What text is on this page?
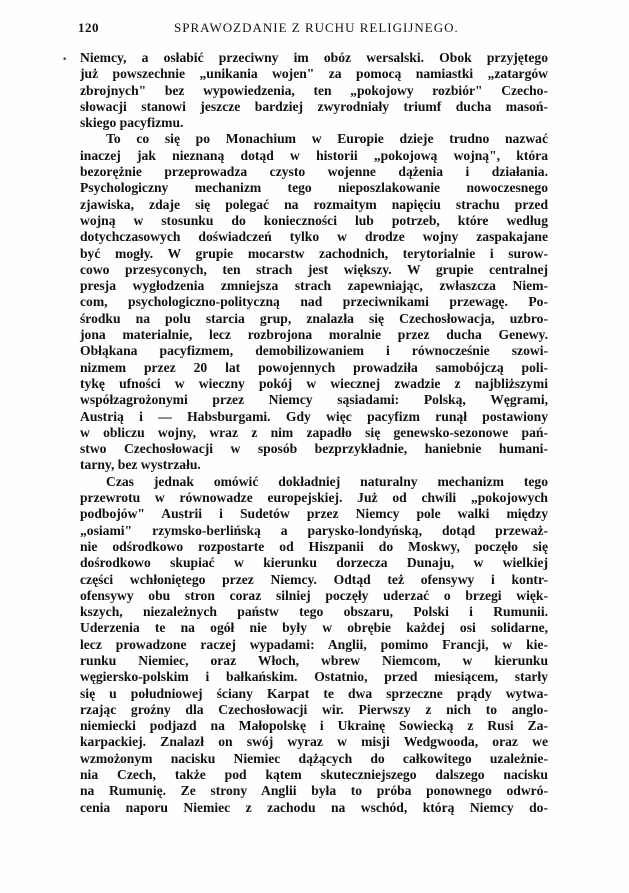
120	SPRAWOZDANIE Z RUCHU RELIGIJNEGO.
• Niemcy, a osłabić przeciwny im obóz wersalski. Obok przyjętego
już powszechnie „unikania wojen" za pomocą namiastki „zatargów
zbrojnych" bez wypowiedzenia, ten „pokojowy rozbiór" Czecho-
słowacji stanowi jeszcze bardziej zwyrodniały triumf ducha masoń-
skiego pacyfizmu.
To co się po Monachium w Europie dzieje trudno nazwać
inaczej jak nieznaną dotąd w historii „pokojową wojną", która
bezorężnie przeprowadza czysto wojenne dążenia i działania.
Psychologiczny mechanizm tego nieposzlakowanie nowoczesnego
zjawiska, zdaje się polegać na rozmaitym napięciu strachu przed
wojną w stosunku do konieczności lub potrzeb, które według
dotychczasowych doświadczeń tylko w drodze wojny zaspakajane
być mogły. W grupie mocarstw zachodnich, terytorialnie i surow-
cowo przesyconych, ten strach jest większy. W grupie centralnej
presja wygłodzenia zmniejsza strach zapewniając, zwłaszcza Niem-
com, psychologiczno-polityczną nad przeciwnikami przewagę. Po-
środku na polu starcia grup, znalazła się Czechosłowacja, uzbro-
jona materialnie, lecz rozbrojona moralnie przez ducha Genewy.
Obłąkana pacyfizmem, demobilizowaniem i równocześnie szowi-
nizmem przez 20 lat powojennych prowadziła samobójczą poli-
tykę ufności w wieczny pokój w wiecznej zwadzie z najbliższymi
współzagrożonymi przez Niemcy sąsiadami: Polską, Węgrami,
Austrią i — Habsburgami. Gdy więc pacyfizm runął postawiony
w obliczu wojny, wraz z nim zapadło się genewsko-sezonowe pań-
stwo Czechosłowacji w sposób bezprzykładnie, haniebnie humani-
tarny, bez wystrzału.
Czas jednak omówić dokładniej naturalny mechanizm tego
przewrotu w równowadze europejskiej. Już od chwili „pokojowych
podbojów" Austrii i Sudetów przez Niemcy pole walki między
„osiami" rzymsko-berlińską a parysko-londyńską, dotąd przeważ-
nie odśrodkowo rozpostarte od Hiszpanii do Moskwy, poczęło się
dośrodkowo skupiać w kierunku dorzecza Dunaju, w wielkiej
części wchłoniętego przez Niemcy. Odtąd też ofensywy i kontr-
ofensywy obu stron coraz silniej poczęły uderzać o brzegi więk-
kszych, niezależnych państw tego obszaru, Polski i Rumunii.
Uderzenia te na ogół nie były w obrębie każdej osi solidarne,
lecz prowadzone raczej wypadami: Anglii, pomimo Francji, w kie-
runku Niemiec, oraz Włoch, wbrew Niemcom, w kierunku
węgiersko-polskim i bałkańskim. Ostatnio, przed miesiącem, starły
się u południowej ściany Karpat te dwa sprzeczne prądy wytwa-
rzając groźny dla Czechosłowacji wir. Pierwszy z nich to anglo-
niemiecki podjazd na Małopolskę i Ukrainę Sowiecką z Rusi Za-
karpackiej. Znalazł on swój wyraz w misji Wedgwooda, oraz we
wzmożonym nacisku Niemiec dążących do całkowitego uzależnie-
nia Czech, także pod kątem skuteczniejszego dalszego nacisku
na Rumunię. Ze strony Anglii była to próba ponownego odwró-
cenia naporu Niemiec z zachodu na wschód, którą Niemcy do-
